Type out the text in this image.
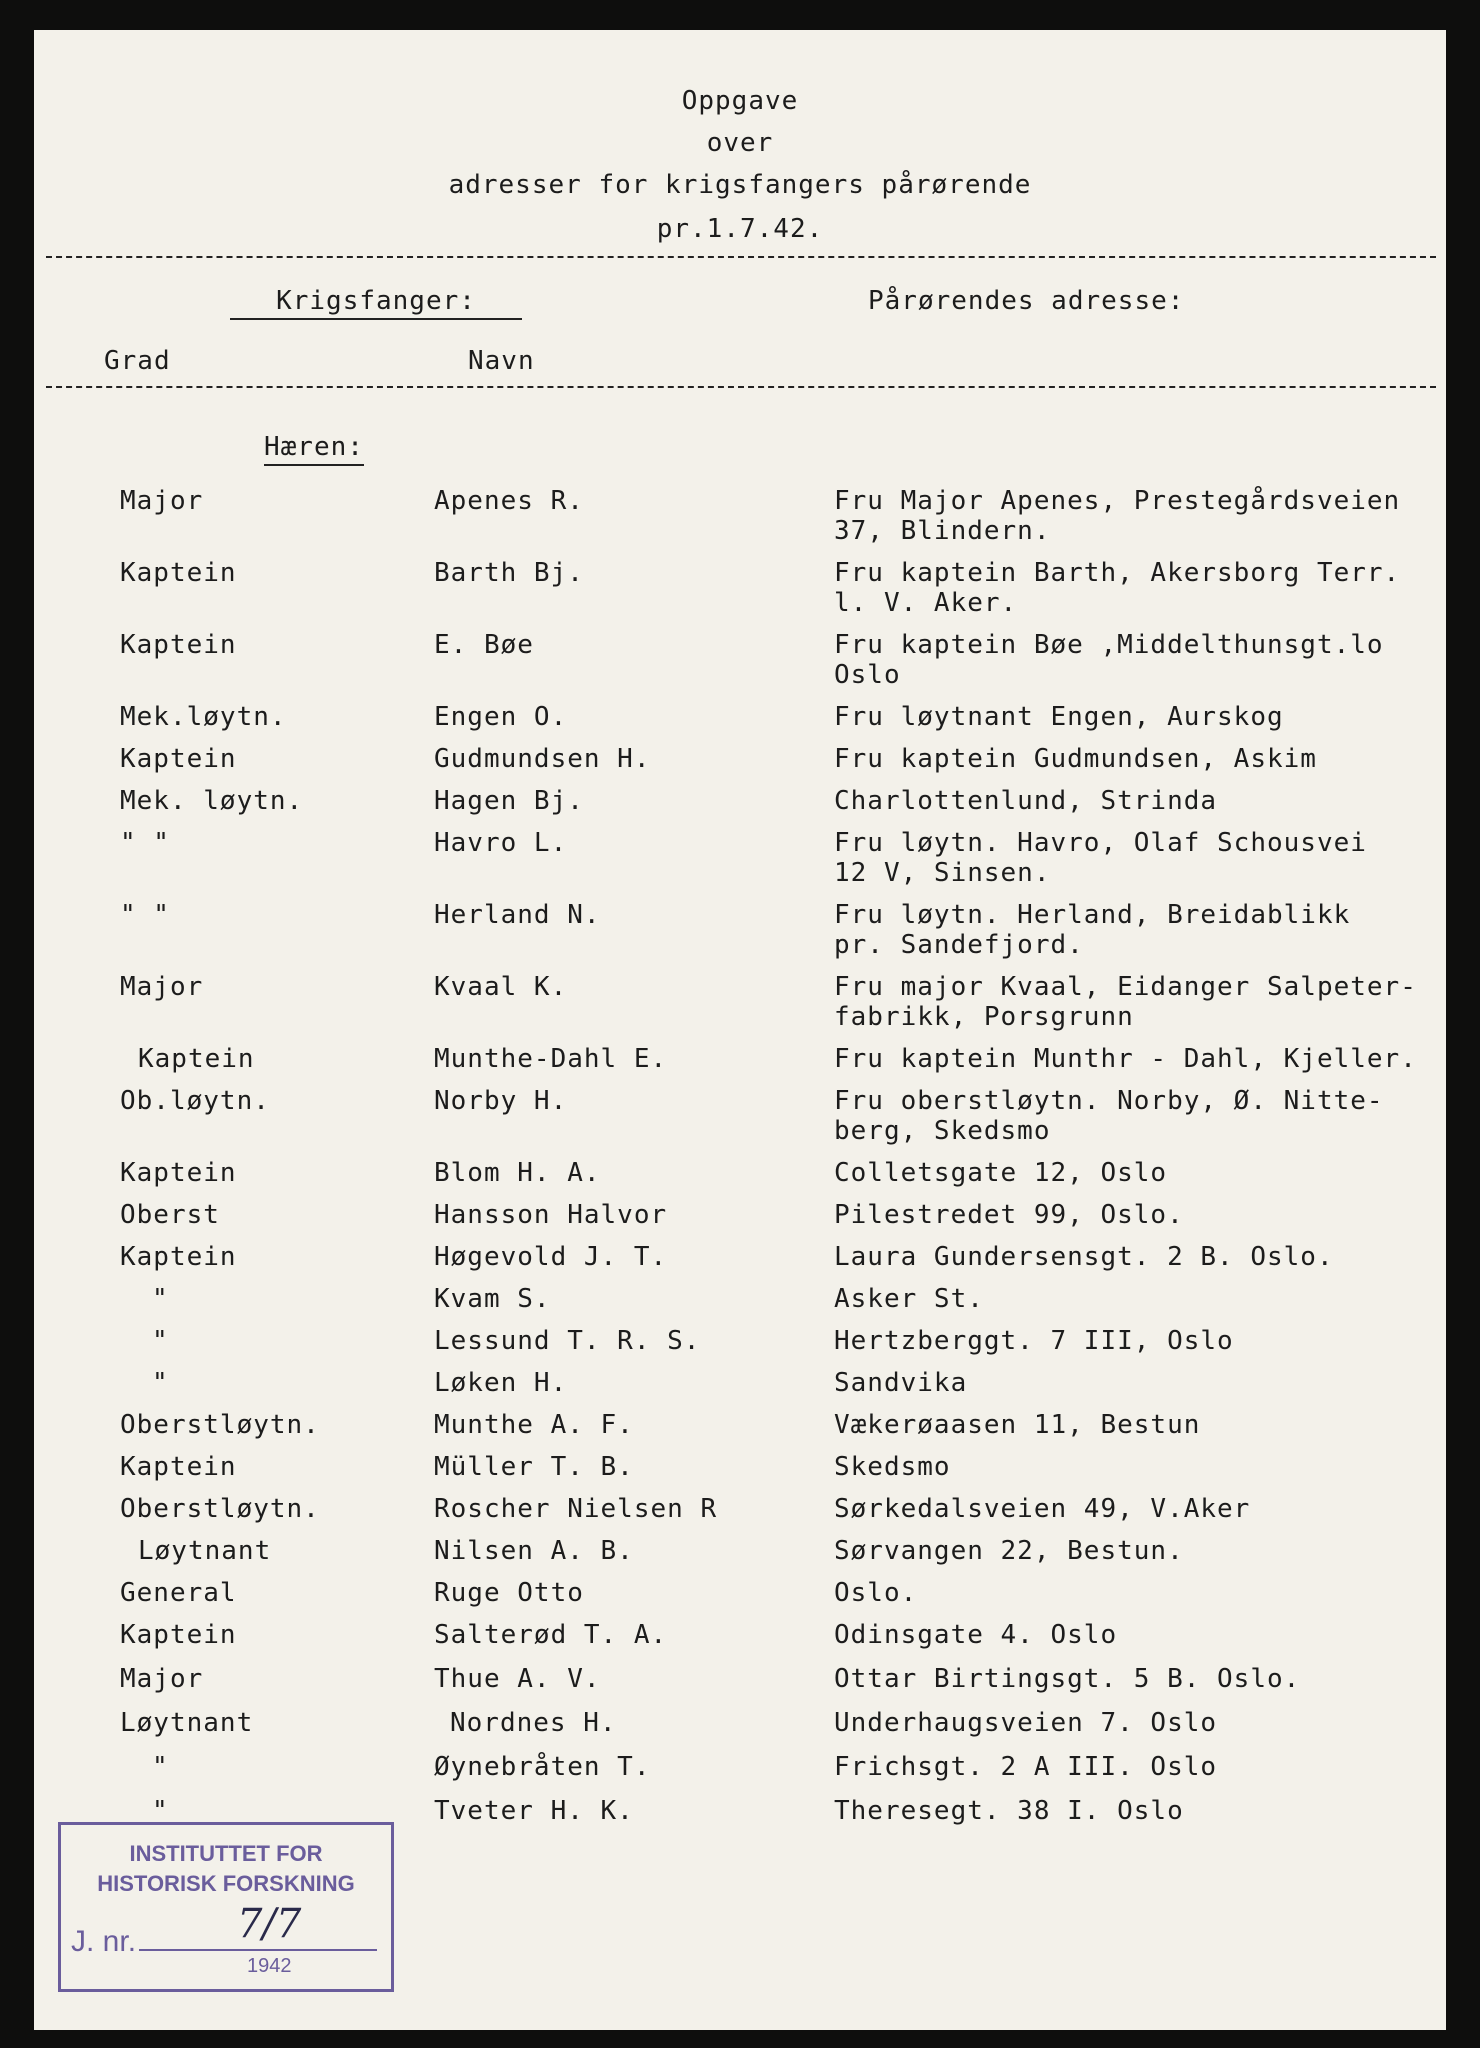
Oppgave
over
adresser for krigsfangers pårørende
pr.1.7.42.
Krigsfanger:	Pårørendes adresse:
Grad	Navn
Hæren:
Major	Apenes R.	Fru Major Apenes, Prestegårdsveien
37, Blindern.
Kaptein	Barth Bj.	Fru kaptein Barth, Akersborg Terr.
l. V. Aker.
Kaptein	E. Bøe	Fru kaptein Bøe ,Middelthunsgt.lo
Oslo
Mek.løytn.	Engen O.	Fru løytnant Engen, Aurskog
Kaptein	Gudmundsen H.	Fru kaptein Gudmundsen, Askim
Mek. løytn.	Hagen Bj.	Charlottenlund, Strinda
" "	Havro L.	Fru løytn. Havro, Olaf Schousvei
12 V, Sinsen.
" "	Herland N.	Fru løytn. Herland, Breidablikk
pr. Sandefjord.
Major	Kvaal K.	Fru major Kvaal, Eidanger Salpeter-
fabrikk, Porsgrunn
Kaptein	Munthe-Dahl E.	Fru kaptein Munthr - Dahl, Kjeller.
Ob.løytn.	Norby H.	Fru oberstløytn. Norby, Ø. Nitte-
berg, Skedsmo
Kaptein	Blom H. A.	Colletsgate 12, Oslo
Oberst	Hansson Halvor	Pilestredet 99, Oslo.
Kaptein	Høgevold J. T.	Laura Gundersensgt. 2 B. Oslo.
"	Kvam S.	Asker St.
"	Lessund T. R. S.	Hertzberggt. 7 III, Oslo
"	Løken H.	Sandvika
Oberstløytn.	Munthe A. F.	Vækerøaasen 11, Bestun
Kaptein	Müller T. B.	Skedsmo
Oberstløytn.	Roscher Nielsen R	Sørkedalsveien 49, V.Aker
Løytnant	Nilsen A. B.	Sørvangen 22, Bestun.
General	Ruge Otto	Oslo.
Kaptein	Salterød T. A.	Odinsgate 4. Oslo
Major	Thue A. V.	Ottar Birtingsgt. 5 B. Oslo.
Løytnant	Nordnes H.	Underhaugsveien 7. Oslo
"	Øynebråten T.	Frichsgt. 2 A III. Oslo
"	Tveter H. K.	Theresegt. 38 I. Oslo
INSTITUTTET FOR
HISTORISK FORSKNING
J. nr.	7/7
1942
